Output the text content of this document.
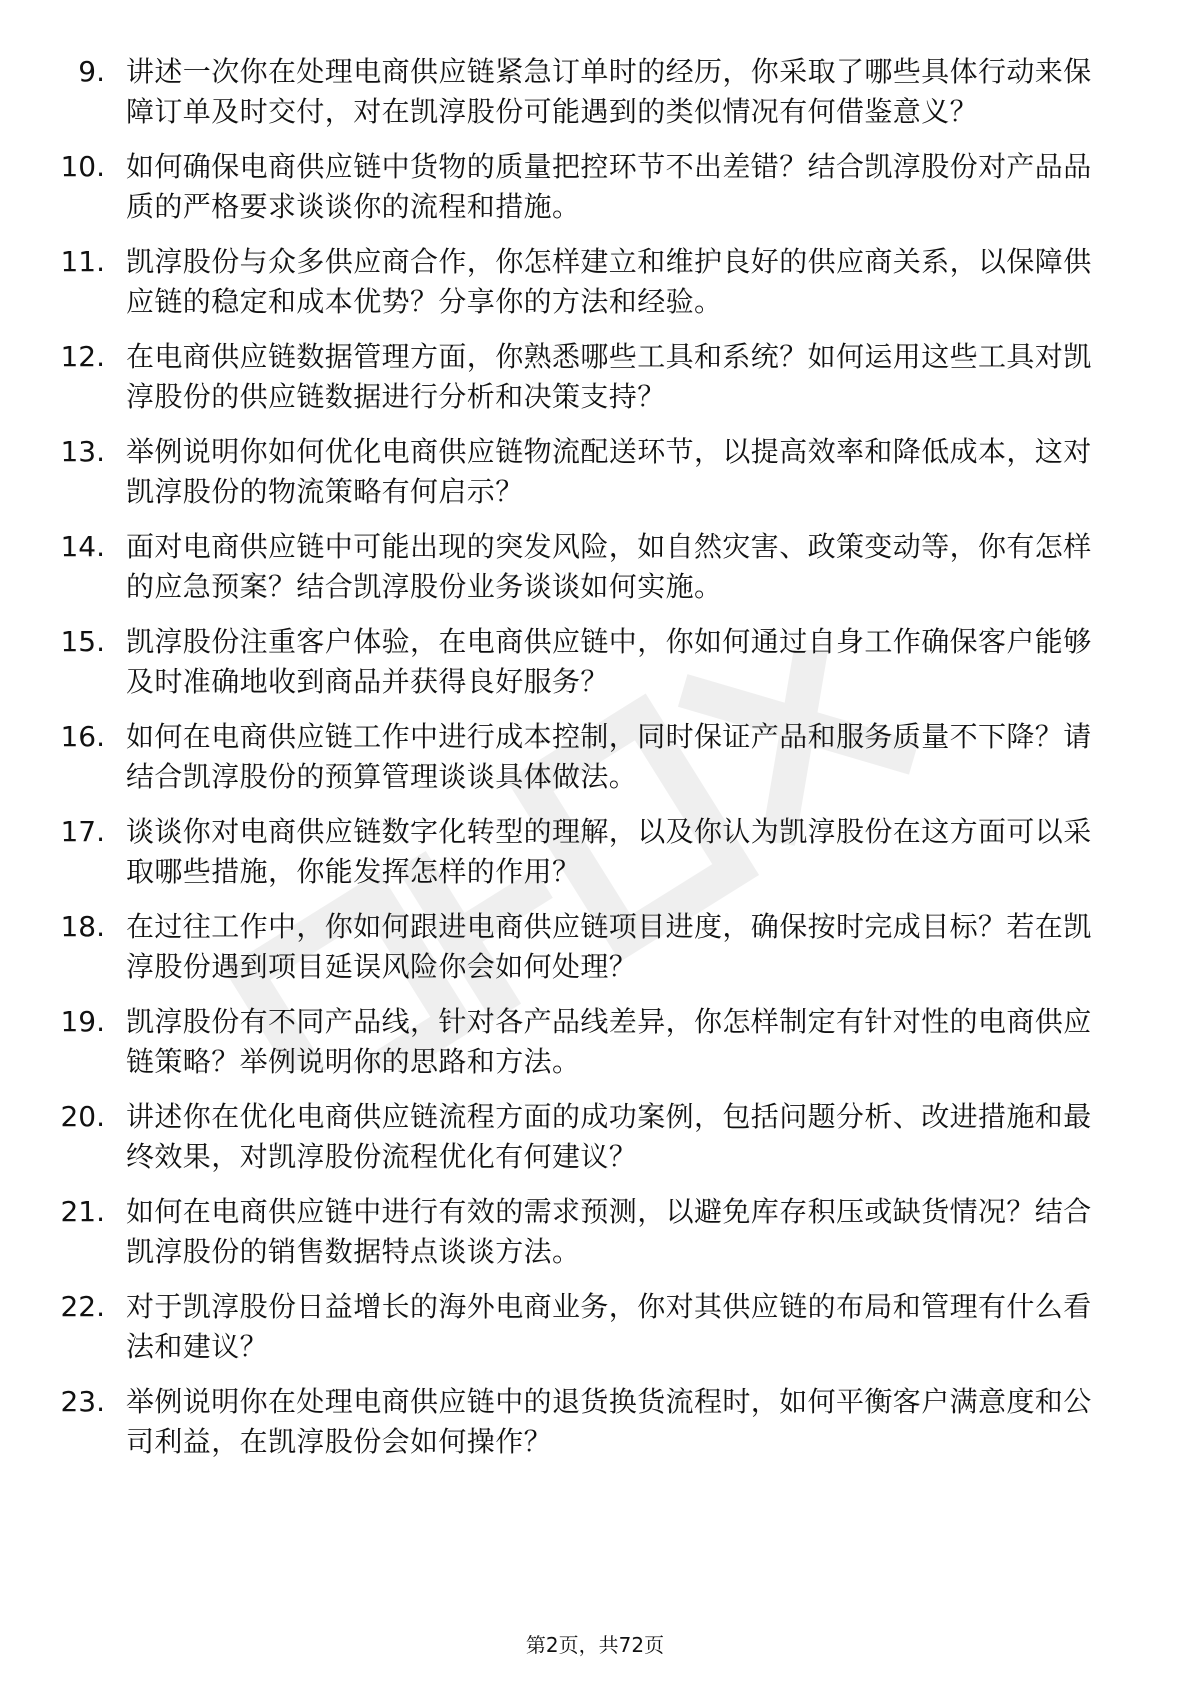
9. 讲述一次你在处理电商供应链紧急订单时的经历，你采取了哪些具体行动来保障订单及时交付，对在凯淳股份可能遇到的类似情况有何借鉴意义？
10. 如何确保电商供应链中货物的质量把控环节不出差错？结合凯淳股份对产品品质的严格要求谈谈你的流程和措施。
11. 凯淳股份与众多供应商合作，你怎样建立和维护良好的供应商关系，以保障供应链的稳定和成本优势？分享你的方法和经验。
12. 在电商供应链数据管理方面，你熟悉哪些工具和系统？如何运用这些工具对凯淳股份的供应链数据进行分析和决策支持？
13. 举例说明你如何优化电商供应链物流配送环节，以提高效率和降低成本，这对凯淳股份的物流策略有何启示？
14. 面对电商供应链中可能出现的突发风险，如自然灾害、政策变动等，你有怎样的应急预案？结合凯淳股份业务谈谈如何实施。
15. 凯淳股份注重客户体验，在电商供应链中，你如何通过自身工作确保客户能够及时准确地收到商品并获得良好服务？
16. 如何在电商供应链工作中进行成本控制，同时保证产品和服务质量不下降？请结合凯淳股份的预算管理谈谈具体做法。
17. 谈谈你对电商供应链数字化转型的理解，以及你认为凯淳股份在这方面可以采取哪些措施，你能发挥怎样的作用？
18. 在过往工作中，你如何跟进电商供应链项目进度，确保按时完成目标？若在凯淳股份遇到项目延误风险你会如何处理？
19. 凯淳股份有不同产品线，针对各产品线差异，你怎样制定有针对性的电商供应链策略？举例说明你的思路和方法。
20. 讲述你在优化电商供应链流程方面的成功案例，包括问题分析、改进措施和最终效果，对凯淳股份流程优化有何建议？
21. 如何在电商供应链中进行有效的需求预测，以避免库存积压或缺货情况？结合凯淳股份的销售数据特点谈谈方法。
22. 对于凯淳股份日益增长的海外电商业务，你对其供应链的布局和管理有什么看法和建议？
23. 举例说明你在处理电商供应链中的退货换货流程时，如何平衡客户满意度和公司利益，在凯淳股份会如何操作？
第2页，共72页
